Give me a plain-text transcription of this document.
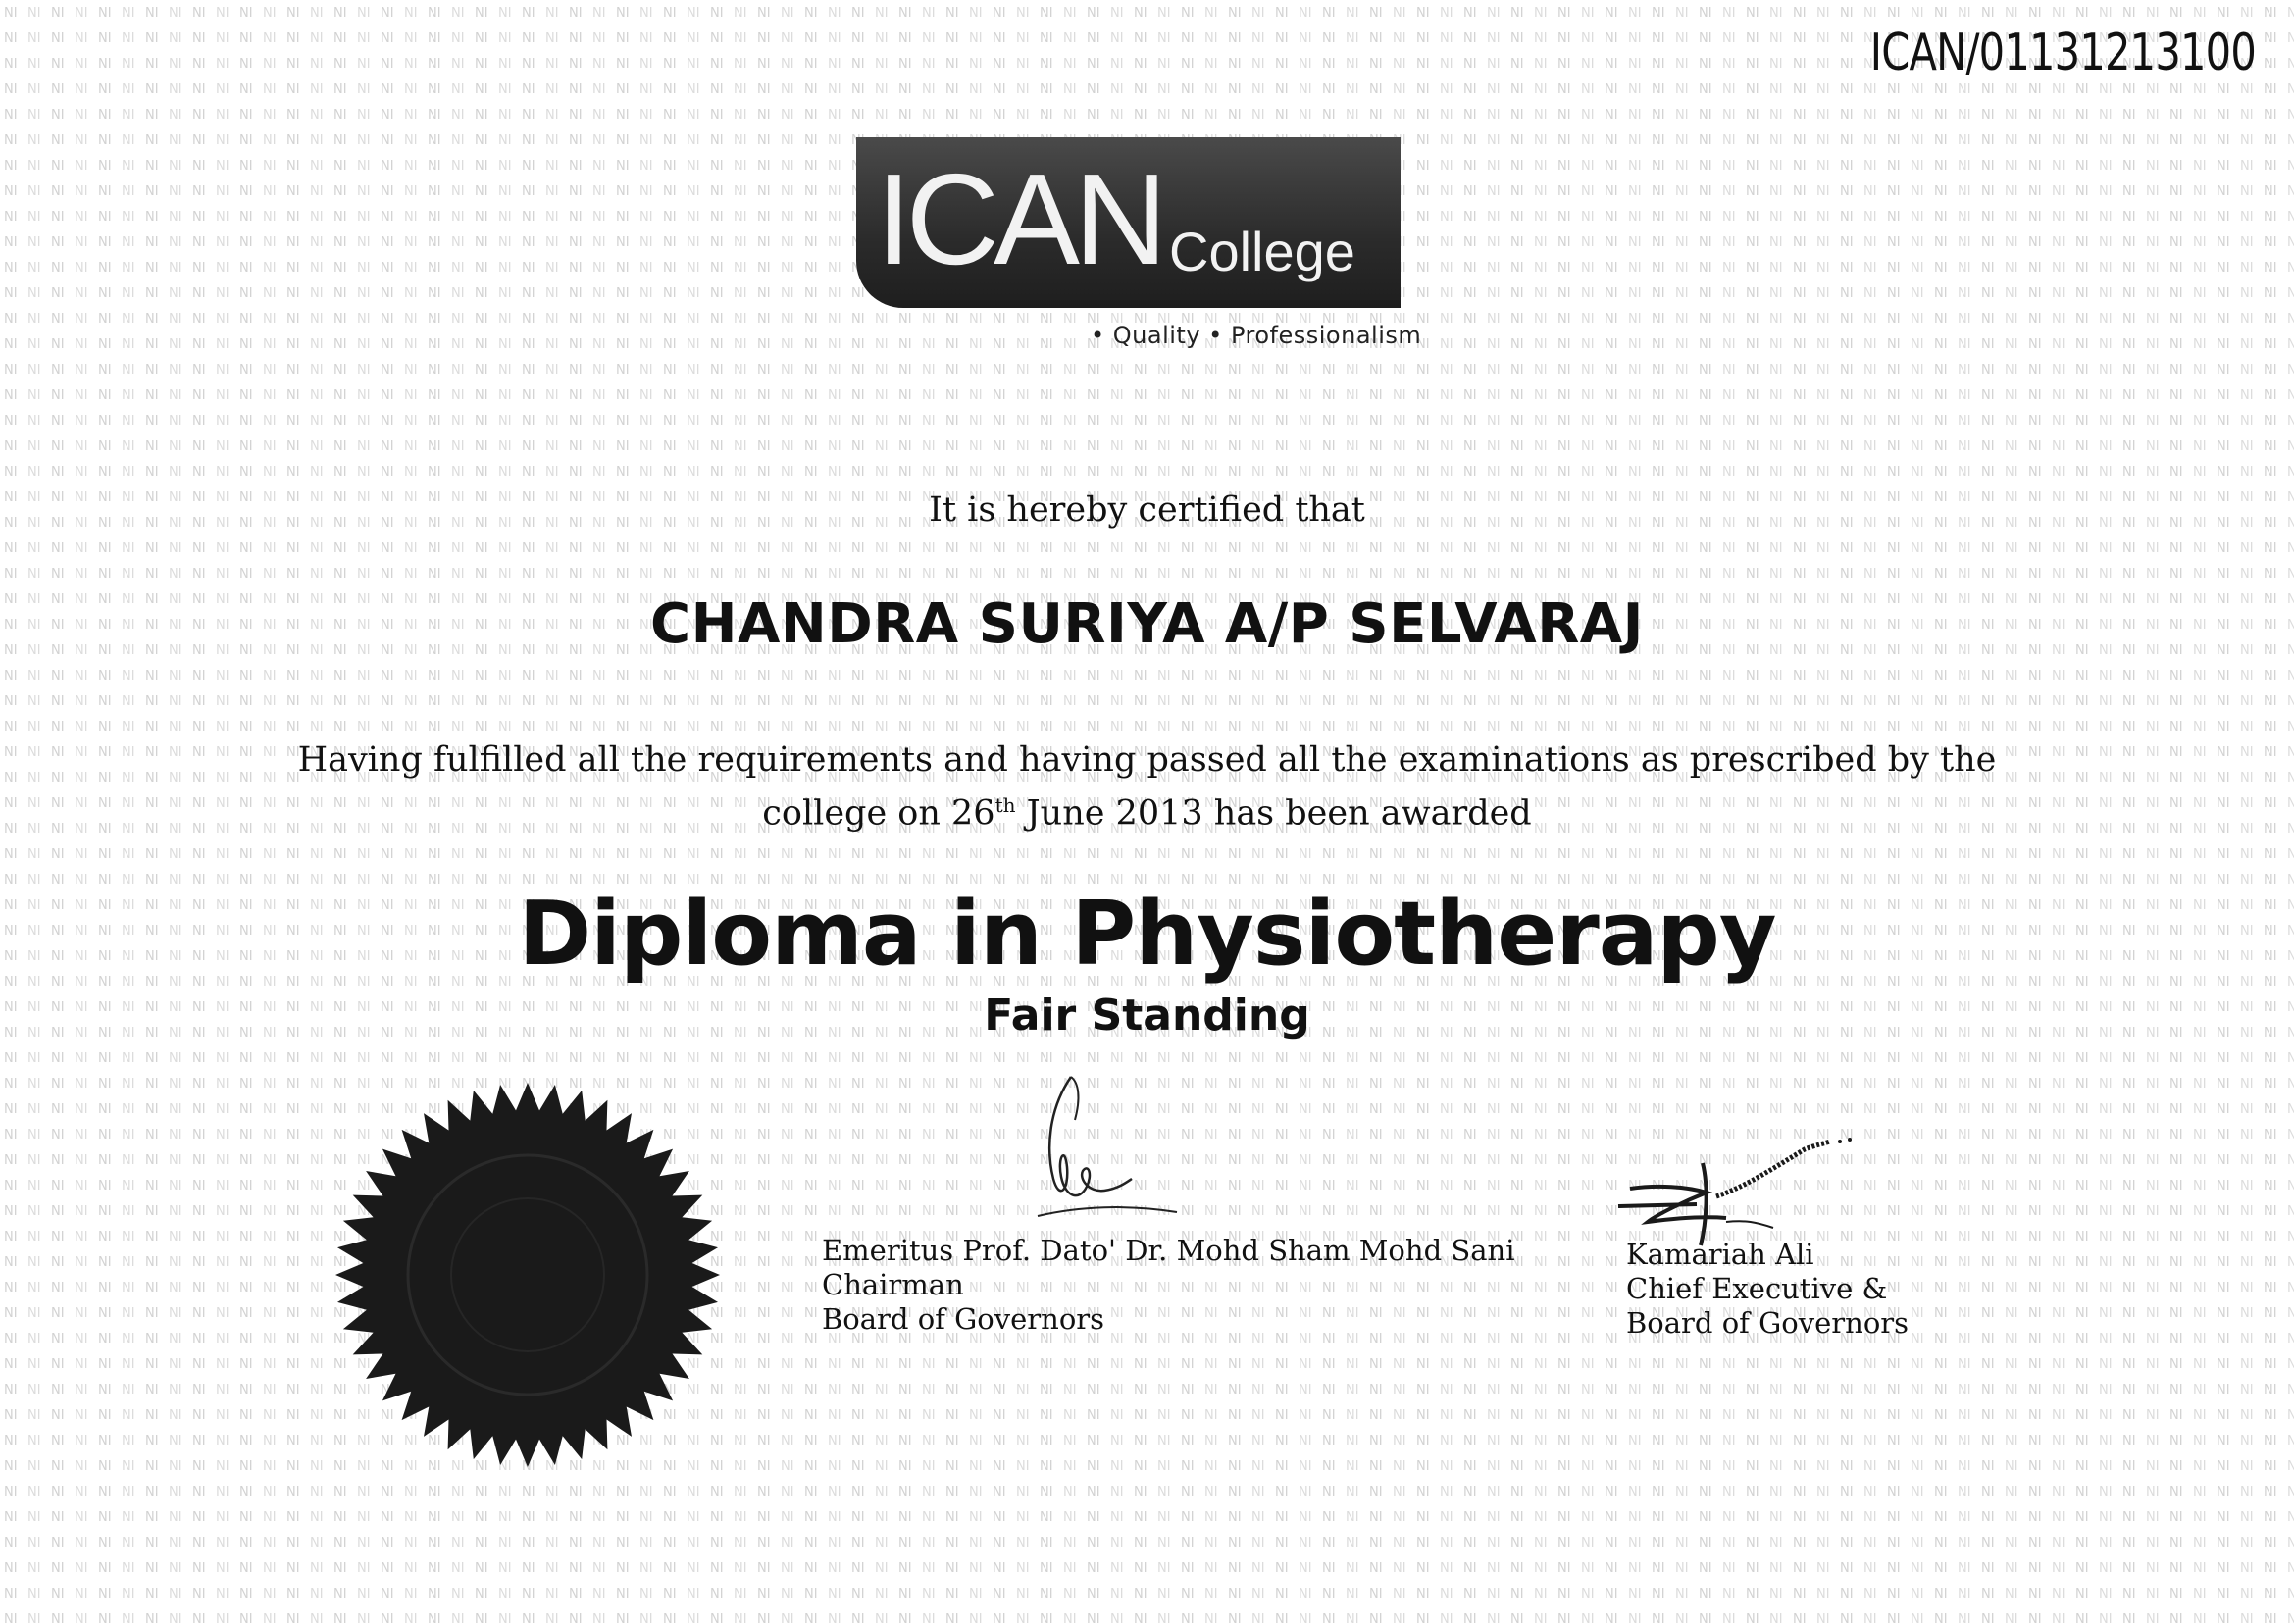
ICAN/01131213100
ICAN College
• Quality • Professionalism
It is hereby certified that
CHANDRA SURIYA A/P SELVARAJ
Having fulfilled all the requirements and having passed all the examinations as prescribed by the
college on 26th June 2013 has been awarded
Diploma in Physiotherapy
Fair Standing
Emeritus Prof. Dato' Dr. Mohd Sham Mohd Sani
Chairman
Board of Governors
Kamariah Ali
Chief Executive &
Board of Governors
